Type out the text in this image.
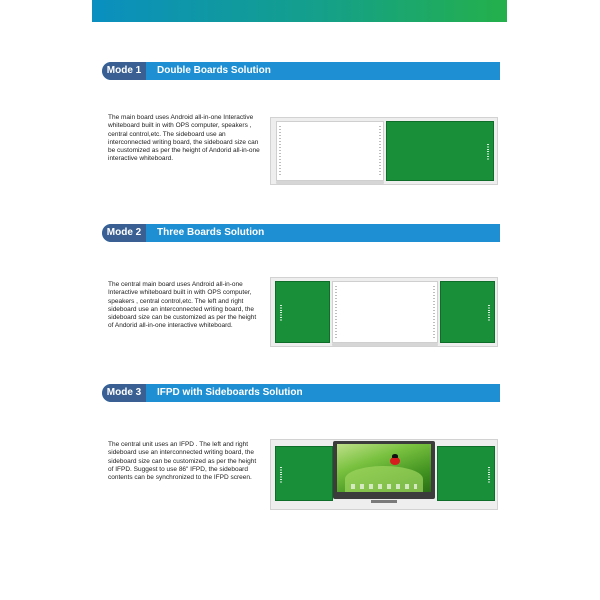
Mode 1	Double Boards Solution
The main board uses Android all-in-one Interactive whiteboard built in with OPS computer, speakers , central control,etc. The sideboard use an interconnected writing board, the sideboard size can be customized as per the height of Andorid all-in-one interactive whiteboard.
Mode 2	Three Boards Solution
The central main board uses Android all-in-one Interactive whiteboard built in with OPS computer, speakers , central control,etc. The left and right sideboard use an interconnected writing board, the sideboard size can be customized as per the height of Andorid all-in-one interactive whiteboard.
Mode 3	IFPD with Sideboards Solution
The central unit uses an IFPD . The left and right sideboard use an interconnected writing board, the sideboard size can be customized as per the height of IFPD. Suggest to use 86" IFPD, the sideboard contents can be synchronized to the IFPD screen.
